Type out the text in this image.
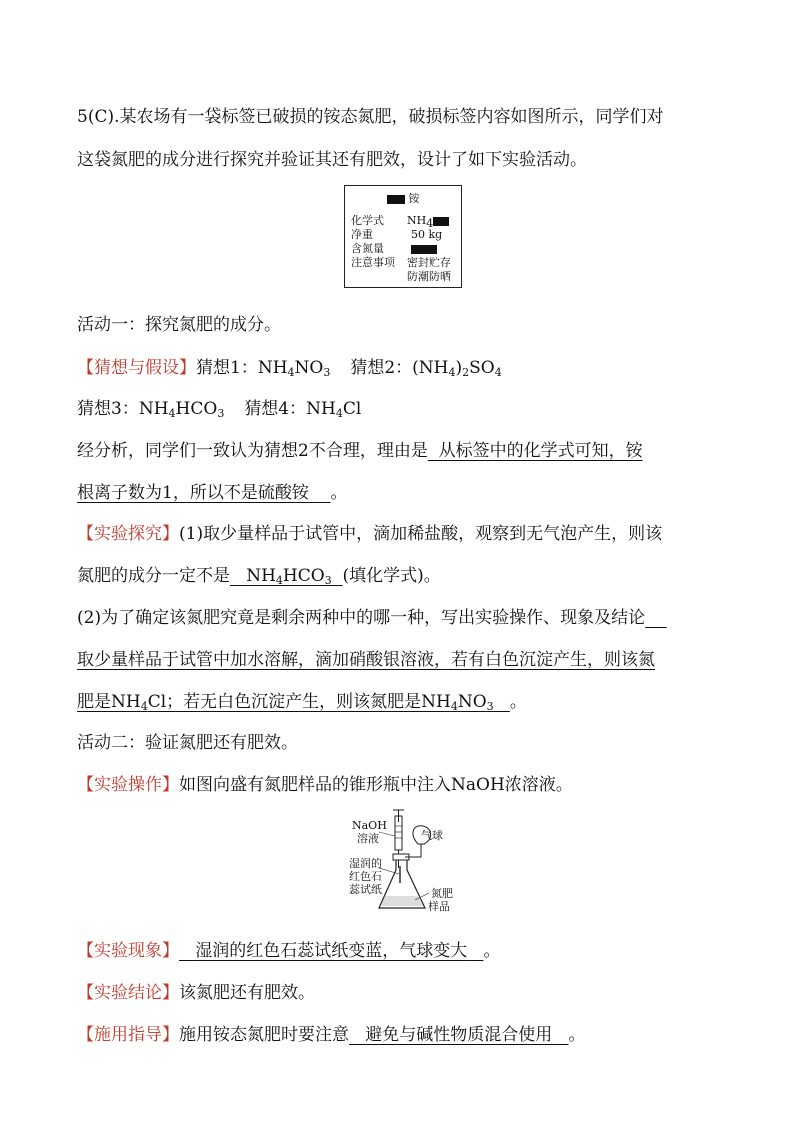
5(C).某农场有一袋标签已破损的铵态氮肥，破损标签内容如图所示，同学们对
这袋氮肥的成分进行探究并验证其还有肥效，设计了如下实验活动。
铵
化学式 $NH_4$
净重	50 kg
含氮量
注意事项 密封贮存
防潮防晒
活动一：探究氮肥的成分。
【猜想与假设】猜想1：$NH_4NO_3$ 猜想2：$(NH_4)_2SO_4$
猜想3：$NH_4HCO_3$ 猜想4：$NH_4Cl$
经分析，同学们一致认为猜想2不合理，理由是 从标签中的化学式可知，铵
根离子数为1，所以不是硫酸铵 。
【实验探究】(1)取少量样品于试管中，滴加稀盐酸，观察到无气泡产生，则该
氮肥的成分一定不是 $NH_4HCO_3$ (填化学式)。
(2)为了确定该氮肥究竟是剩余两种中的哪一种，写出实验操作、现象及结论
取少量样品于试管中加水溶解，滴加硝酸银溶液，若有白色沉淀产生，则该氮
肥是$NH_4Cl$；若无白色沉淀产生，则该氮肥是$NH_4NO_3$ 。
活动二：验证氮肥还有肥效。
【实验操作】如图向盛有氮肥样品的锥形瓶中注入NaOH浓溶液。
NaOH
溶液	气球
湿润的
红色石
蕊试纸	氮肥
样品
【实验现象】 湿润的红色石蕊试纸变蓝，气球变大 。
【实验结论】该氮肥还有肥效。
【施用指导】施用铵态氮肥时要注意 避免与碱性物质混合使用 。
